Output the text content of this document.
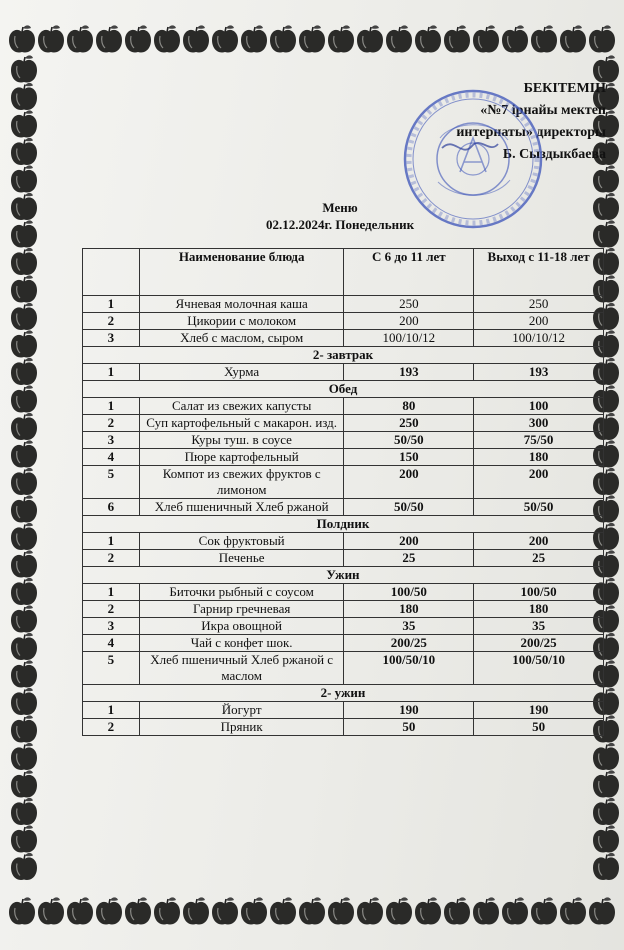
БЕКІТЕМІН
«№7 ірнайы мектеп
интернаты» директоры
Б. Сыздыкбаева
Меню
02.12.2024г. Понедельник
	Наименование блюда	С 6 до 11 лет	Выход с 11-18 лет
1	Ячневая молочная каша	250	250
2	Цикории с молоком	200	200
3	Хлеб с маслом, сыром	100/10/12	100/10/12
2- завтрак			
1	Хурма	193	193
Обед			
1	Салат из свежих капусты	80	100
2	Суп картофельный с макарон. изд.	250	300
3	Куры туш. в соусе	50/50	75/50
4	Пюре картофельный	150	180
5	Компот из свежих фруктов с лимоном	200	200
6	Хлеб пшеничный Хлеб ржаной	50/50	50/50
Полдник			
1	Сок фруктовый	200	200
2	Печенье	25	25
Ужин			
1	Биточки рыбный с соусом	100/50	100/50
2	Гарнир гречневая	180	180
3	Икра овощной	35	35
4	Чай с конфет шок.	200/25	200/25
5	Хлеб пшеничный Хлеб ржаной с маслом	100/50/10	100/50/10
2- ужин			
1	Йогурт	190	190
2	Пряник	50	50
